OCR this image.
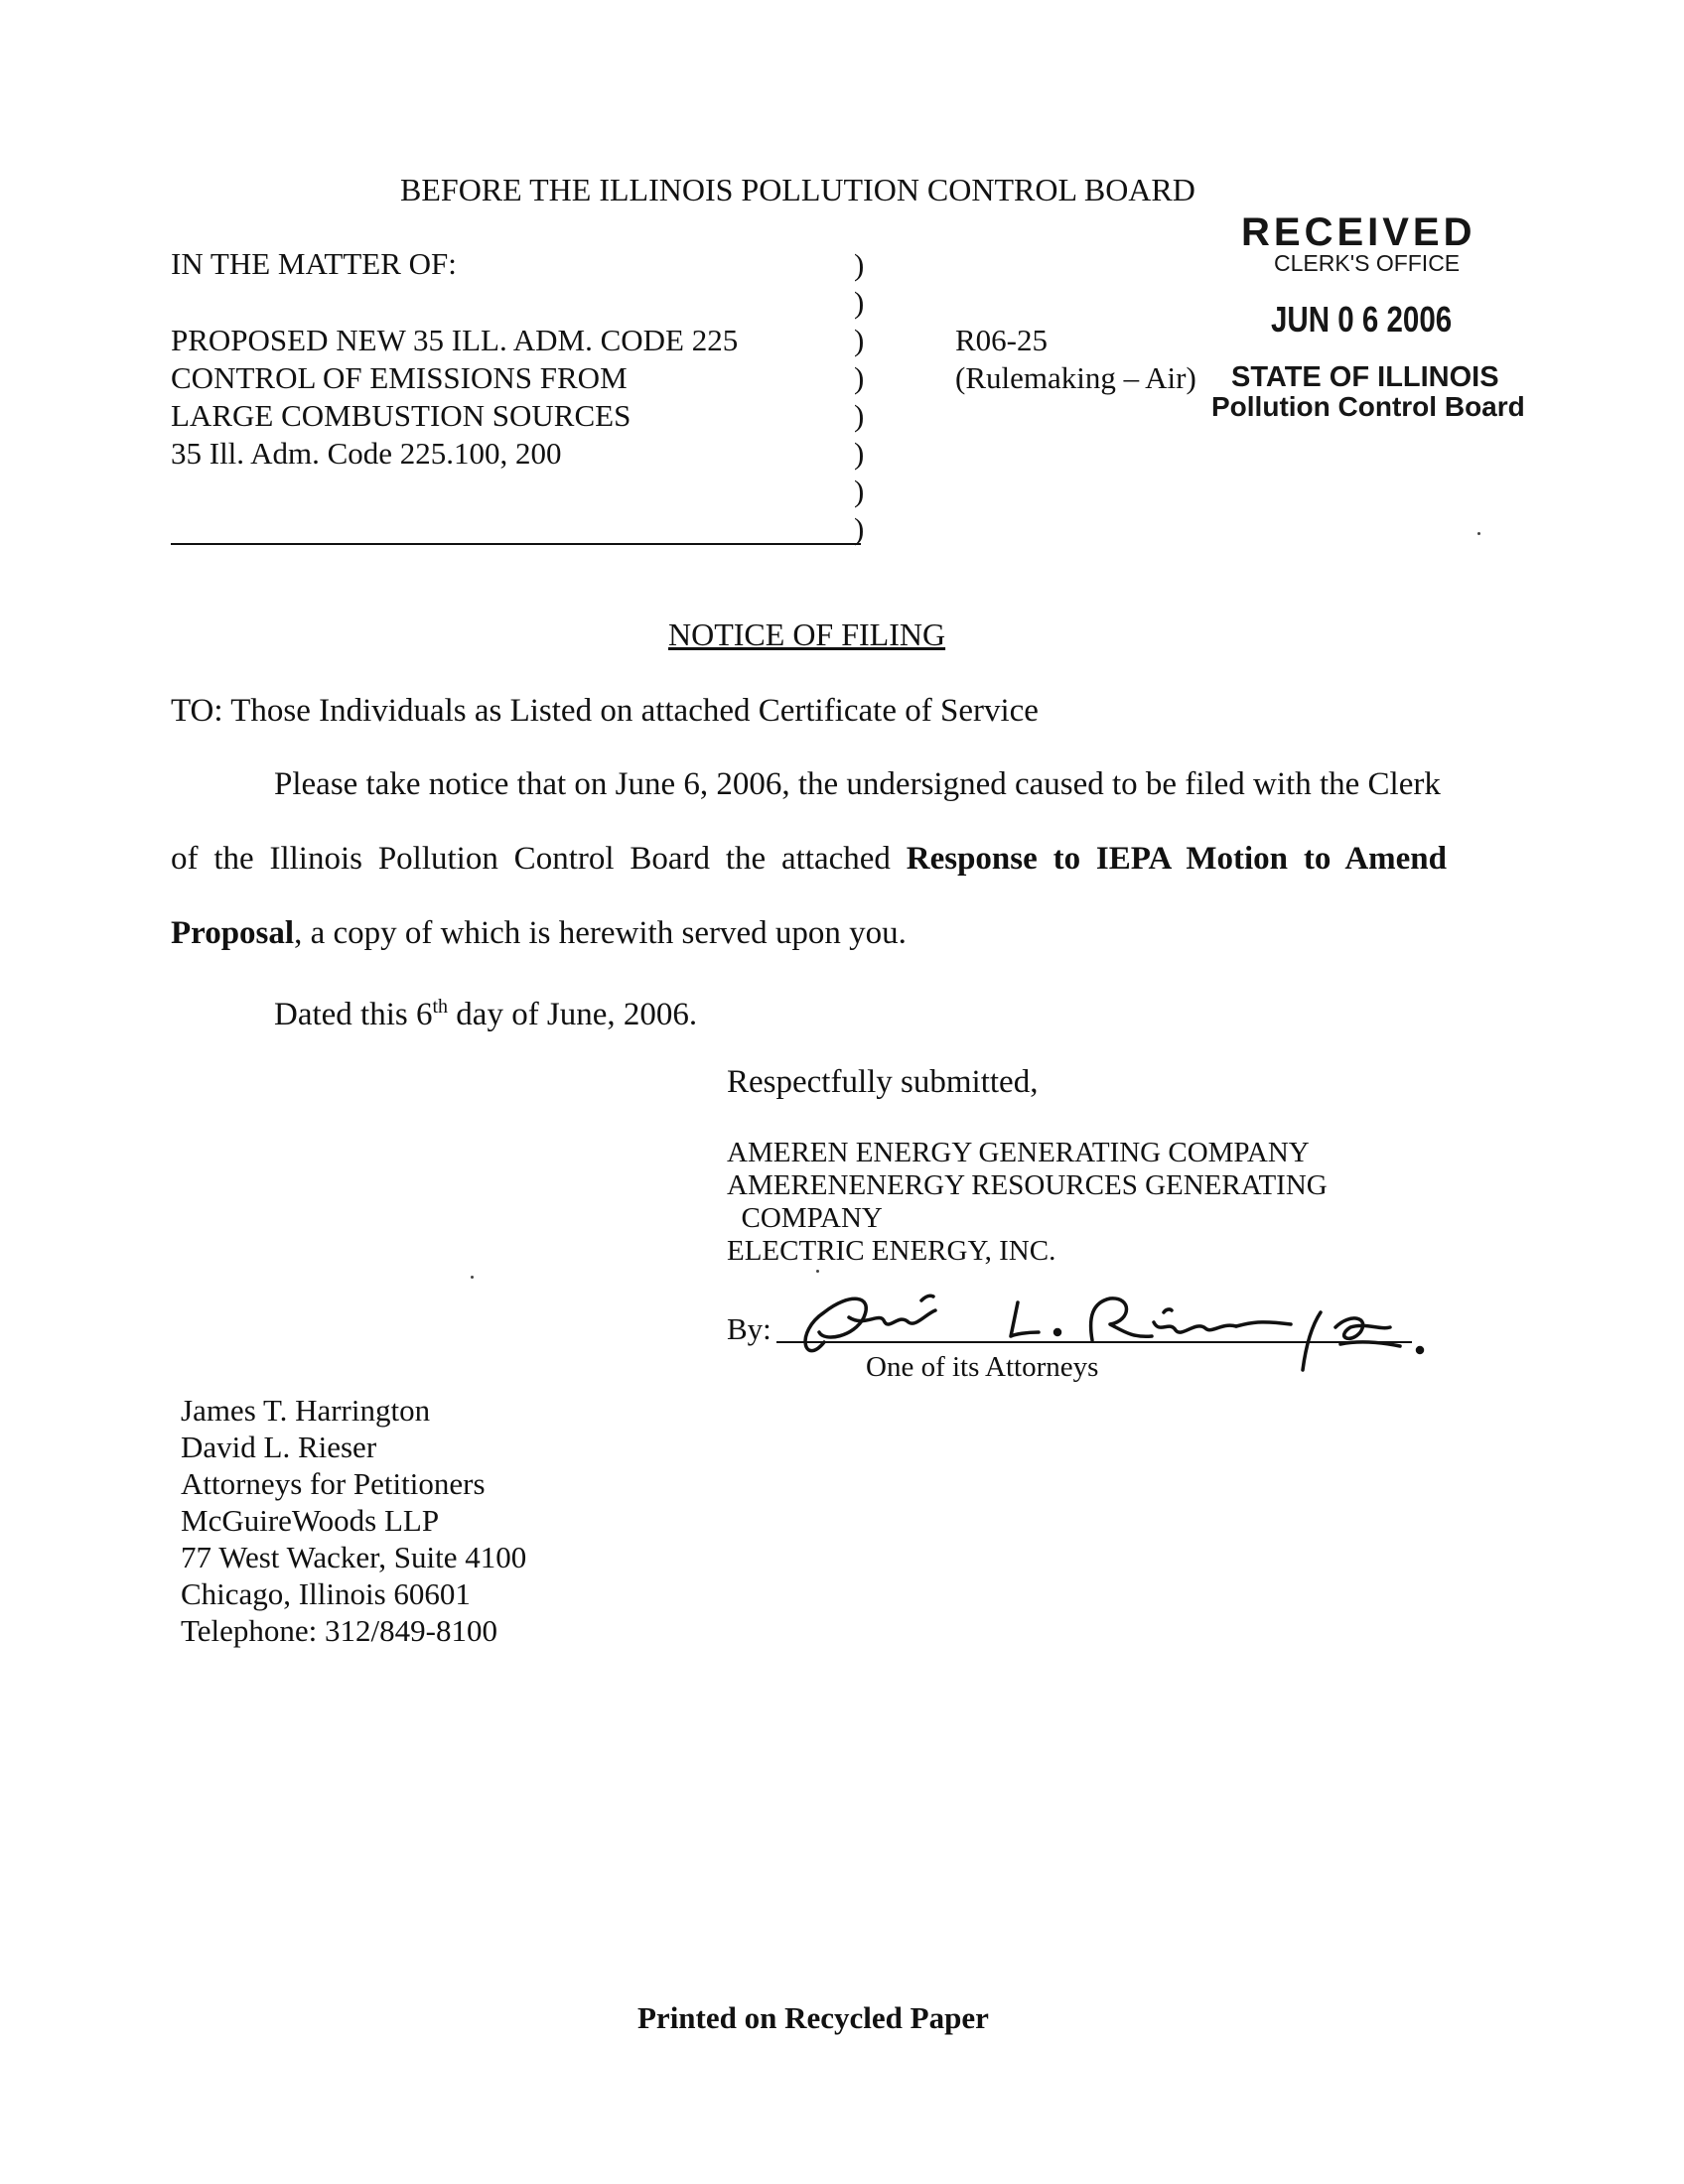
BEFORE THE ILLINOIS POLLUTION CONTROL BOARD
RECEIVED
CLERK'S OFFICE
JUN 0 6 2006
STATE OF ILLINOIS
Pollution Control Board
IN THE MATTER OF:
PROPOSED NEW 35 ILL. ADM. CODE 225
CONTROL OF EMISSIONS FROM
LARGE COMBUSTION SOURCES
35 Ill. Adm. Code 225.100, 200
)
)
)
)
)
)
)
)
R06-25
(Rulemaking – Air)
NOTICE OF FILING
TO: Those Individuals as Listed on attached Certificate of Service
Please take notice that on June 6, 2006, the undersigned caused to be filed with the Clerk
of the Illinois Pollution Control Board the attached Response to IEPA Motion to Amend
Proposal, a copy of which is herewith served upon you.
Dated this 6th day of June, 2006.
Respectfully submitted,
AMEREN ENERGY GENERATING COMPANY
AMERENENERGY RESOURCES GENERATING
COMPANY
ELECTRIC ENERGY, INC.
By:
One of its Attorneys
James T. Harrington
David L. Rieser
Attorneys for Petitioners
McGuireWoods LLP
77 West Wacker, Suite 4100
Chicago, Illinois 60601
Telephone: 312/849-8100
Printed on Recycled Paper
